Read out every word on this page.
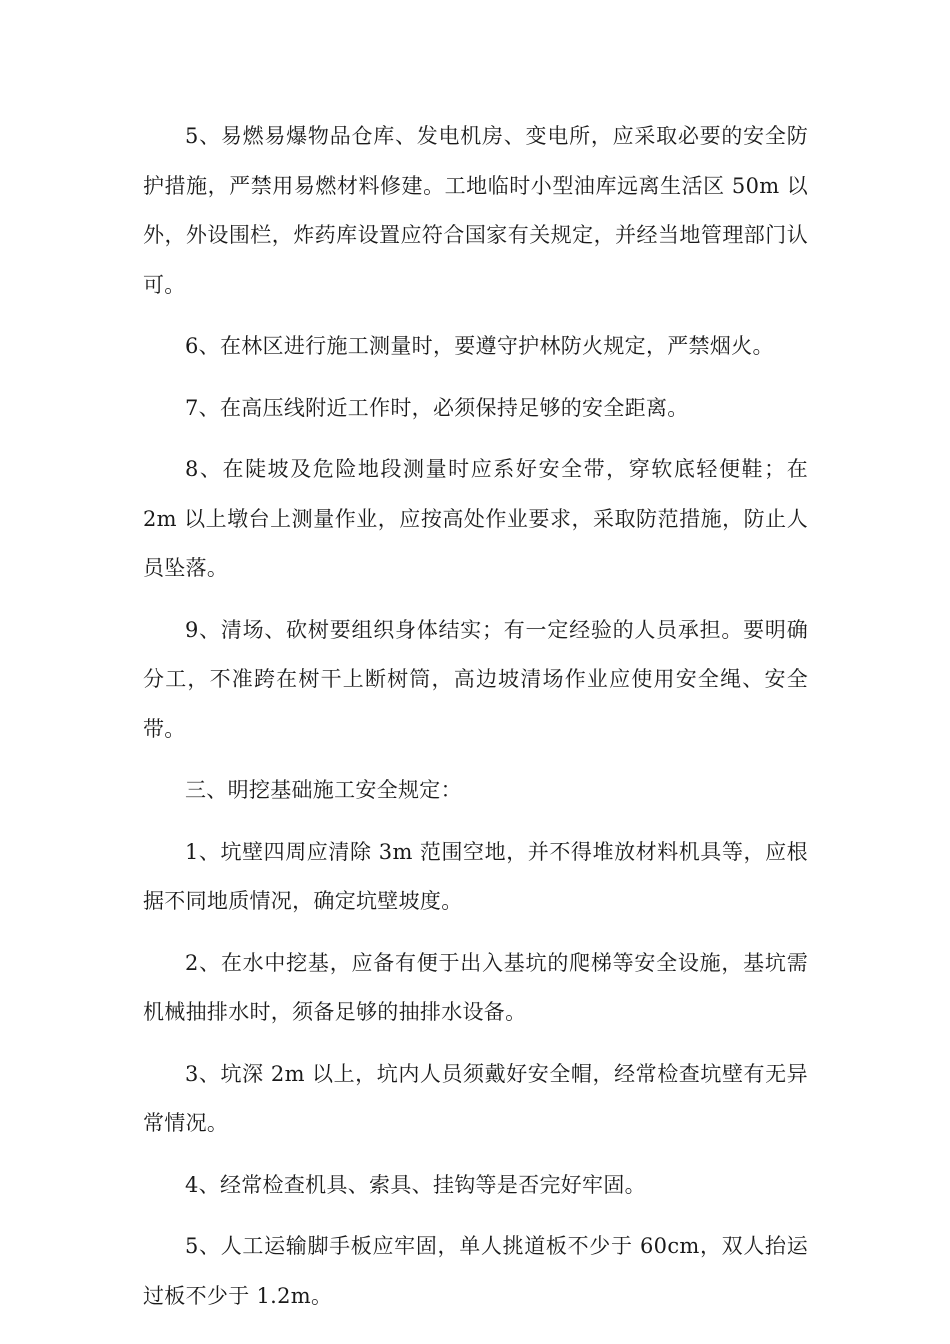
5、易燃易爆物品仓库、发电机房、变电所，应采取必要的安全防护措施，严禁用易燃材料修建。工地临时小型油库远离生活区 50m 以外，外设围栏，炸药库设置应符合国家有关规定，并经当地管理部门认可。

6、在林区进行施工测量时，要遵守护林防火规定，严禁烟火。

7、在高压线附近工作时，必须保持足够的安全距离。

8、在陡坡及危险地段测量时应系好安全带，穿软底轻便鞋；在 2m 以上墩台上测量作业，应按高处作业要求，采取防范措施，防止人员坠落。

9、清场、砍树要组织身体结实；有一定经验的人员承担。要明确分工，不准跨在树干上断树筒，高边坡清场作业应使用安全绳、安全带。

三、明挖基础施工安全规定：

1、坑壁四周应清除 3m 范围空地，并不得堆放材料机具等，应根据不同地质情况，确定坑壁坡度。

2、在水中挖基，应备有便于出入基坑的爬梯等安全设施，基坑需机械抽排水时，须备足够的抽排水设备。

3、坑深 2m 以上，坑内人员须戴好安全帽，经常检查坑壁有无异常情况。

4、经常检查机具、索具、挂钩等是否完好牢固。

5、人工运输脚手板应牢固，单人挑道板不少于 60cm，双人抬运过板不少于 1.2m。
